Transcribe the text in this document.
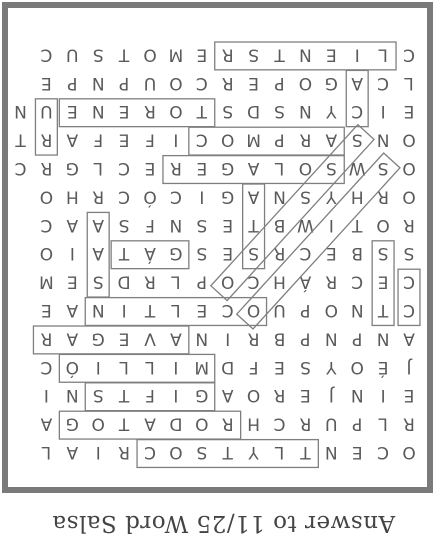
O
C
E
N
T
L
Y
T
S
O
C
R
I
A
L
R
L
P
U
R
C
H
R
O
D
A
T
O
G
A
E
I
N
J
E
R
O
A
G
I
F
T
S
N
I
J
É
O
Y
S
E
F
D
M
I
L
L
I
Ó
C
A
N
P
N
P
B
R
I
N
A
V
E
G
A
R
C
T
N
O
P
U
O
C
E
L
T
I
N
A
E
C
E
C
R
Á
H
C
O
P
L
R
D
S
E
M
S
S
B
E
C
R
S
E
S
G
Á
T
A
I
O
R
O
T
I
W
B
T
E
S
N
F
S
A
A
C
O
R
H
Y
S
N
A
G
I
C
Ó
C
R
H
O
O
S
W
S
O
L
A
G
E
R
E
C
L
G
R
C
O
N
S
A
R
P
M
O
C
I
F
E
F
A
R
T
E
I
C
Y
N
S
D
S
T
O
R
E
N
E
U
N
L
C
A
G
O
P
E
R
C
O
U
P
N
P
E
C
L
I
E
N
T
S
R
E
M
O
T
S
U
C
Answer to 11/25 Word Salsa
